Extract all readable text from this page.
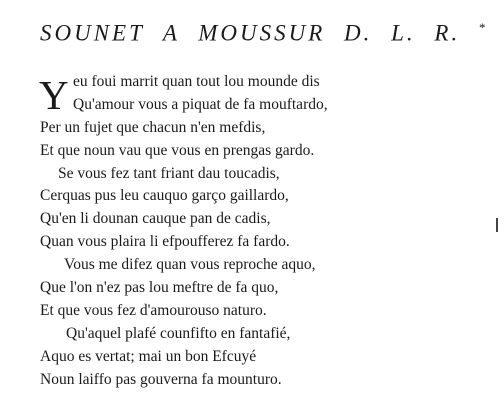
SOUNET A MOUSSUR D. L. R. *
Y eu foui marrit quan tout lou mounde dis
Qu'amour vous a piquat de fa mouftardo,
Per un fujet que chacun n'en mefdis,
Et que noun vau que vous en prengas gardo.
Se vous fez tant friant dau toucadis,
Cerquas pus leu cauquo garço gaillardo,
Qu'en li dounan cauque pan de cadis,
Quan vous plaira li efpoufferez fa fardo.
Vous me difez quan vous reproche aquo,
Que l'on n'ez pas lou meftre de fa quo,
Et que vous fez d'amourousо naturo.
Qu'aquel plafé counfifto en fantafié,
Aquo es vertat; mai un bon Efcuyé
Noun laiffo pas gouverna fa mounturo.
